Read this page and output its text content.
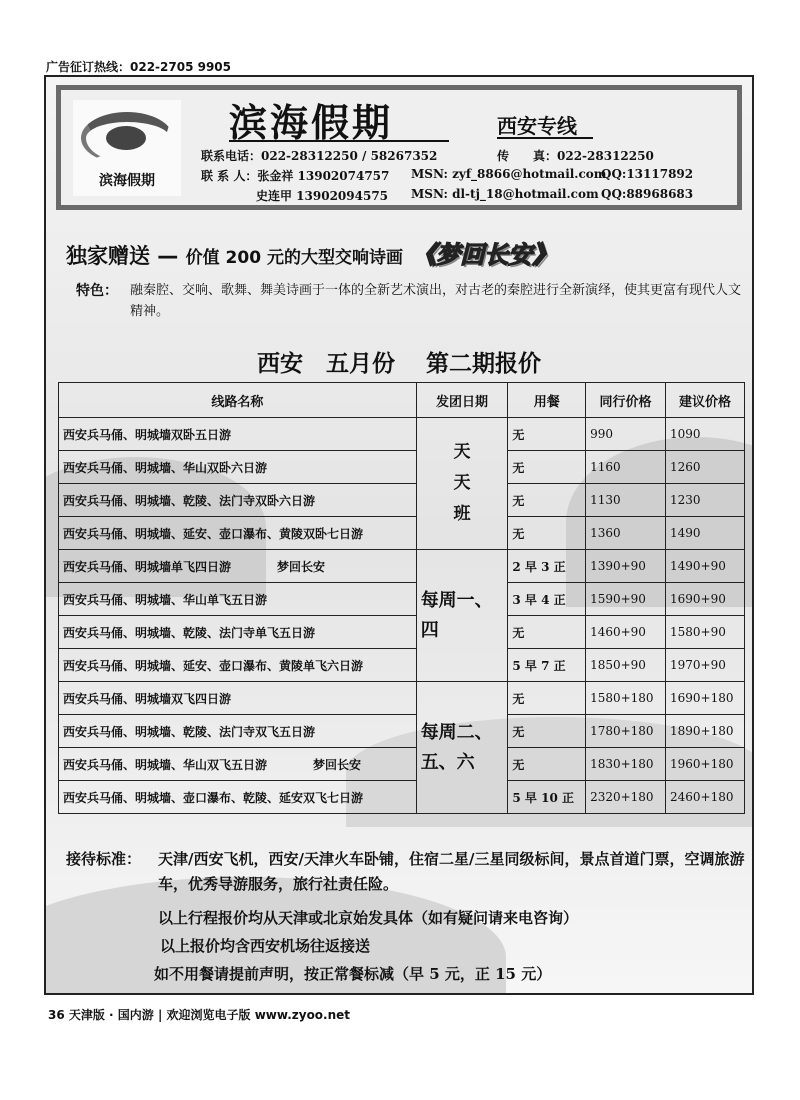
广告征订热线：022-2705 9905
滨海假期
滨海假期	西安专线
联系电话：022-28312250 / 58267352	传　　真：022-28312250
联 系 人：张金祥 13902074757 MSN: zyf_8866@hotmail.com
QQ:13117892
史连甲 13902094575 MSN: dl-tj_18@hotmail.com QQ:88968683
独家赠送 — 价值 200 元的大型交响诗画 《梦回长安》
特色： 融秦腔、交响、歌舞、舞美诗画于一体的全新艺术演出，对古老的秦腔进行全新演绎，使其更富有现代人文精神。
西安　五月份　 第二期报价
线路名称	发团日期	用餐	同行价格	建议价格
西安兵马俑、明城墙双卧五日游	天
天
班	无	990	1090
西安兵马俑、明城墙、华山双卧六日游		无	1160	1260
西安兵马俑、明城墙、乾陵、法门寺双卧六日游		无	1130	1230
西安兵马俑、明城墙、延安、壶口瀑布、黄陵双卧七日游		无	1360	1490
西安兵马俑、明城墙单飞四日游 梦回长安	每周一、四	2 早 3 正	1390+90	1490+90
西安兵马俑、明城墙、华山单飞五日游		3 早 4 正	1590+90	1690+90
西安兵马俑、明城墙、乾陵、法门寺单飞五日游		无	1460+90	1580+90
西安兵马俑、明城墙、延安、壶口瀑布、黄陵单飞六日游		5 早 7 正	1850+90	1970+90
西安兵马俑、明城墙双飞四日游	每周二、五、六	无	1580+180	1690+180
西安兵马俑、明城墙、乾陵、法门寺双飞五日游		无	1780+180	1890+180
西安兵马俑、明城墙、华山双飞五日游 梦回长安		无	1830+180	1960+180
西安兵马俑、明城墙、壶口瀑布、乾陵、延安双飞七日游		5 早 10 正	2320+180	2460+180
接待标准： 天津/西安飞机，西安/天津火车卧铺，住宿二星/三星同级标间，景点首道门票，空调旅游车，优秀导游服务，旅行社责任险。
以上行程报价均从天津或北京始发具体（如有疑问请来电咨询）
以上报价均含西安机场往返接送
如不用餐请提前声明，按正常餐标减（早 5 元，正 15 元）
36 天津版 · 国内游 | 欢迎浏览电子版 www.zyoo.net
